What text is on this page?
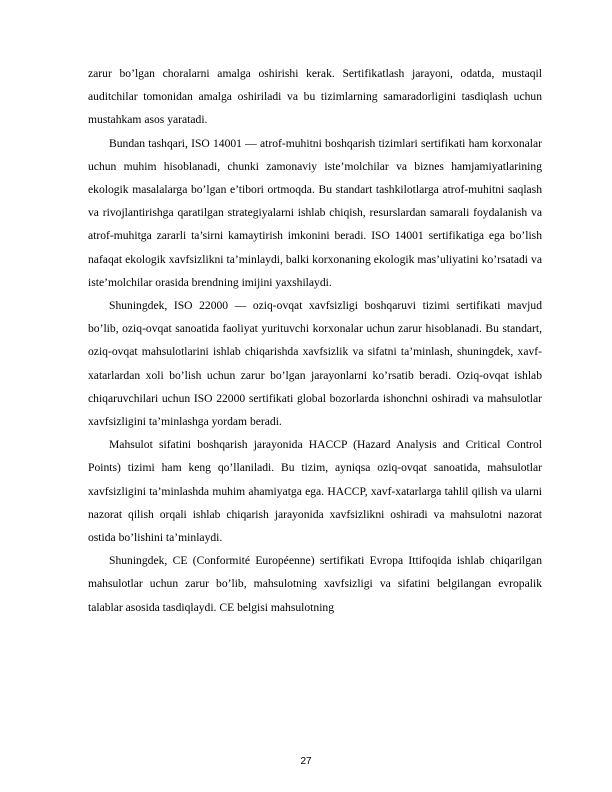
zarur bo’lgan choralarni amalga oshirishi kerak. Sertifikatlash jarayoni, odatda, mustaqil auditchilar tomonidan amalga oshiriladi va bu tizimlarning samaradorligini tasdiqlash uchun mustahkam asos yaratadi.

Bundan tashqari, ISO 14001 — atrof-muhitni boshqarish tizimlari sertifikati ham korxonalar uchun muhim hisoblanadi, chunki zamonaviy iste’molchilar va biznes hamjamiyatlarining ekologik masalalarga bo’lgan e’tibori ortmoqda. Bu standart tashkilotlarga atrof-muhitni saqlash va rivojlantirishga qaratilgan strategiyalarni ishlab chiqish, resurslardan samarali foydalanish va atrof-muhitga zararli ta’sirni kamaytirish imkonini beradi. ISO 14001 sertifikatiga ega bo’lish nafaqat ekologik xavfsizlikni ta’minlaydi, balki korxonaning ekologik mas’uliyatini ko’rsatadi va iste’molchilar orasida brendning imijini yaxshilaydi.

Shuningdek, ISO 22000 — oziq-ovqat xavfsizligi boshqaruvi tizimi sertifikati mavjud bo’lib, oziq-ovqat sanoatida faoliyat yurituvchi korxonalar uchun zarur hisoblanadi. Bu standart, oziq-ovqat mahsulotlarini ishlab chiqarishda xavfsizlik va sifatni ta’minlash, shuningdek, xavf-xatarlardan xoli bo’lish uchun zarur bo’lgan jarayonlarni ko’rsatib beradi. Oziq-ovqat ishlab chiqaruvchilari uchun ISO 22000 sertifikati global bozorlarda ishonchni oshiradi va mahsulotlar xavfsizligini ta’minlashga yordam beradi.

Mahsulot sifatini boshqarish jarayonida HACCP (Hazard Analysis and Critical Control Points) tizimi ham keng qo’llaniladi. Bu tizim, ayniqsa oziq-ovqat sanoatida, mahsulotlar xavfsizligini ta’minlashda muhim ahamiyatga ega. HACCP, xavf-xatarlarga tahlil qilish va ularni nazorat qilish orqali ishlab chiqarish jarayonida xavfsizlikni oshiradi va mahsulotni nazorat ostida bo’lishini ta’minlaydi.

Shuningdek, CE (Conformité Européenne) sertifikati Evropa Ittifoqida ishlab chiqarilgan mahsulotlar uchun zarur bo’lib, mahsulotning xavfsizligi va sifatini belgilangan evropalik talablar asosida tasdiqlaydi. CE belgisi mahsulotning

27
